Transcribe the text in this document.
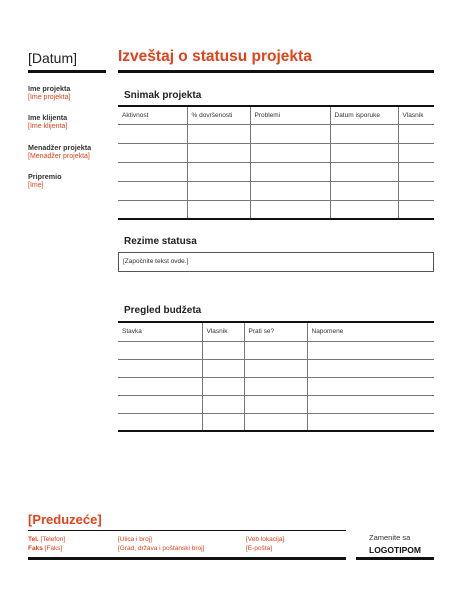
[Datum]	Izveštaj o statusu projekta
Ime projekta
[Ime projekta]
Ime klijenta
[Ime klijenta]
Menadžer projekta
[Menadžer projekta]
Pripremio
[Ime]
Snimak projekta
Aktivnost	% dovršenosti	Problemi	Datum isporuke	Vlasnik

Rezime statusa
[Započnite tekst ovde.]
Pregled budžeta
Stavka	Vlasnik	Prati se?	Napomene

[Preduzeće]
Tel. [Telefon]
Faks [Faks]
[Ulica i broj]
[Grad, država i poštanski broj]
[Veb lokacija]
[E-pošta]
Zamenite sa
LOGOTIPOM
